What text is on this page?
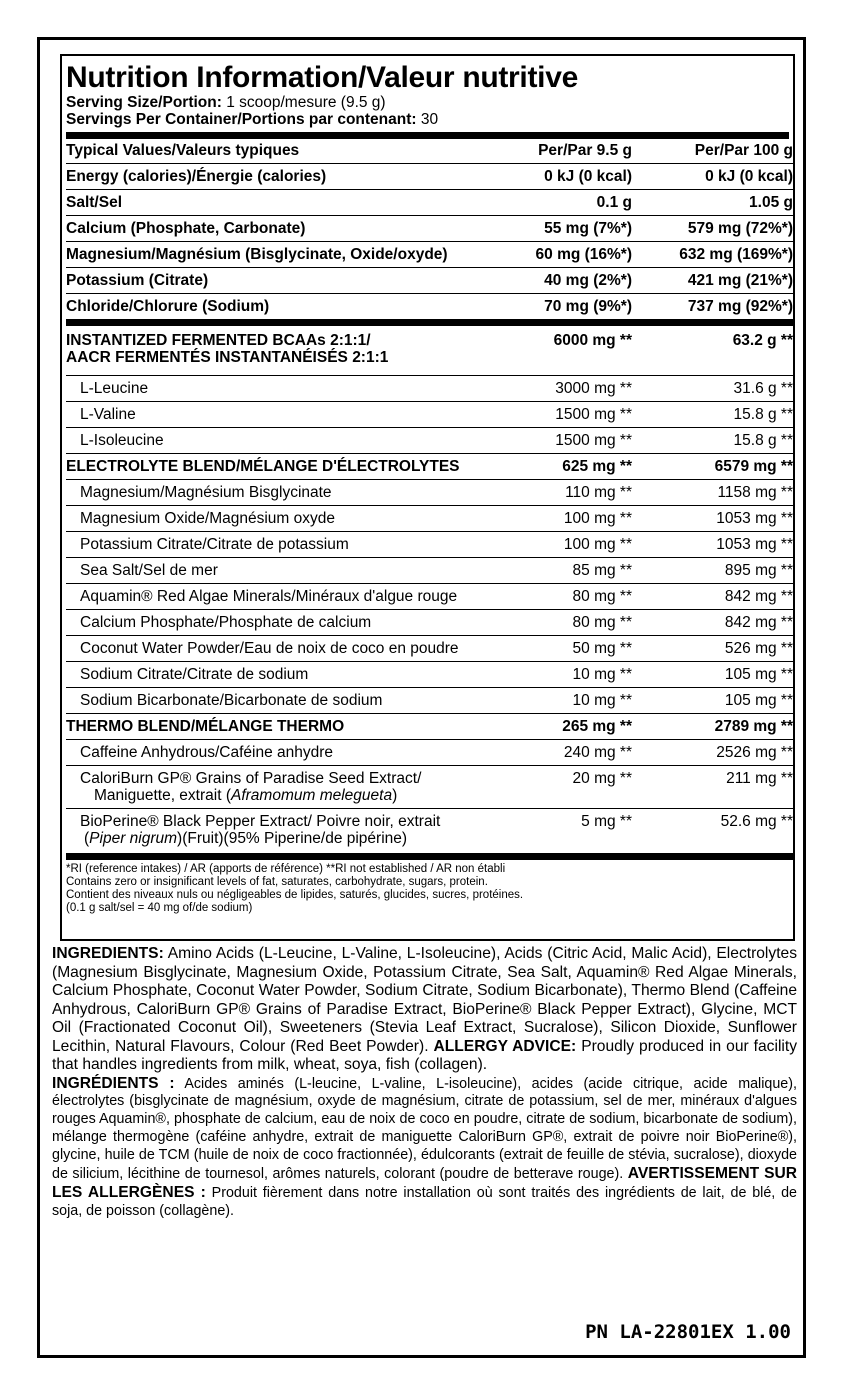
Nutrition Information/Valeur nutritive
Serving Size/Portion: 1 scoop/mesure (9.5 g)
Servings Per Container/Portions par contenant: 30
Typical Values/Valeurs typiques	Per/Par 9.5 g	Per/Par 100 g
Energy (calories)/Énergie (calories)	0 kJ (0 kcal)	0 kJ (0 kcal)
Salt/Sel	0.1 g	1.05 g
Calcium (Phosphate, Carbonate)	55 mg (7%*)	579 mg (72%*)
Magnesium/Magnésium (Bisglycinate, Oxide/oxyde)	60 mg (16%*)	632 mg (169%*)
Potassium (Citrate)	40 mg (2%*)	421 mg (21%*)
Chloride/Chlorure (Sodium)	70 mg (9%*)	737 mg (92%*)

INSTANTIZED FERMENTED BCAAs 2:1:1/
AACR FERMENTÉS INSTANTANÉISÉS 2:1:1	6000 mg **	63.2 g **
L-Leucine	3000 mg **	31.6 g **
L-Valine	1500 mg **	15.8 g **
L-Isoleucine	1500 mg **	15.8 g **
ELECTROLYTE BLEND/MÉLANGE D'ÉLECTROLYTES	625 mg **	6579 mg **
Magnesium/Magnésium Bisglycinate	110 mg **	1158 mg **
Magnesium Oxide/Magnésium oxyde	100 mg **	1053 mg **
Potassium Citrate/Citrate de potassium	100 mg **	1053 mg **
Sea Salt/Sel de mer	85 mg **	895 mg **
Aquamin® Red Algae Minerals/Minéraux d'algue rouge	80 mg **	842 mg **
Calcium Phosphate/Phosphate de calcium	80 mg **	842 mg **
Coconut Water Powder/Eau de noix de coco en poudre	50 mg **	526 mg **
Sodium Citrate/Citrate de sodium	10 mg **	105 mg **
Sodium Bicarbonate/Bicarbonate de sodium	10 mg **	105 mg **
THERMO BLEND/MÉLANGE THERMO	265 mg **	2789 mg **
Caffeine Anhydrous/Caféine anhydre	240 mg **	2526 mg **

CaloriBurn GP® Grains of Paradise Seed Extract/
Maniguette, extrait (Aframomum melegueta)	20 mg **	211 mg **

BioPerine® Black Pepper Extract/ Poivre noir, extrait
(Piper nigrum)(Fruit)(95% Piperine/de pipérine)	5 mg **	52.6 mg **
*RI (reference intakes) / AR (apports de référence) **RI not established / AR non établi
Contains zero or insignificant levels of fat, saturates, carbohydrate, sugars, protein.
Contient des niveaux nuls ou négligeables de lipides, saturés, glucides, sucres, protéines.
(0.1 g salt/sel = 40 mg of/de sodium)

INGREDIENTS: Amino Acids (L-Leucine, L-Valine, L-Isoleucine), Acids (Citric Acid, Malic Acid), Electrolytes (Magnesium Bisglycinate, Magnesium Oxide, Potassium Citrate, Sea Salt, Aquamin® Red Algae Minerals, Calcium Phosphate, Coconut Water Powder, Sodium Citrate, Sodium Bicarbonate), Thermo Blend (Caffeine Anhydrous, CaloriBurn GP® Grains of Paradise Extract, BioPerine® Black Pepper Extract), Glycine, MCT Oil (Fractionated Coconut Oil), Sweeteners (Stevia Leaf Extract, Sucralose), Silicon Dioxide, Sunflower Lecithin, Natural Flavours, Colour (Red Beet Powder). ALLERGY ADVICE: Proudly produced in our facility that handles ingredients from milk, wheat, soya, fish (collagen).

INGRÉDIENTS : Acides aminés (L-leucine, L-valine, L-isoleucine), acides (acide citrique, acide malique), électrolytes (bisglycinate de magnésium, oxyde de magnésium, citrate de potassium, sel de mer, minéraux d'algues rouges Aquamin®, phosphate de calcium, eau de noix de coco en poudre, citrate de sodium, bicarbonate de sodium), mélange thermogène (caféine anhydre, extrait de maniguette CaloriBurn GP®, extrait de poivre noir BioPerine®), glycine, huile de TCM (huile de noix de coco fractionnée), édulcorants (extrait de feuille de stévia, sucralose), dioxyde de silicium, lécithine de tournesol, arômes naturels, colorant (poudre de betterave rouge). AVERTISSEMENT SUR LES ALLERGÈNES : Produit fièrement dans notre installation où sont traités des ingrédients de lait, de blé, de soja, de poisson (collagène).

PN LA-22801EX 1.00
